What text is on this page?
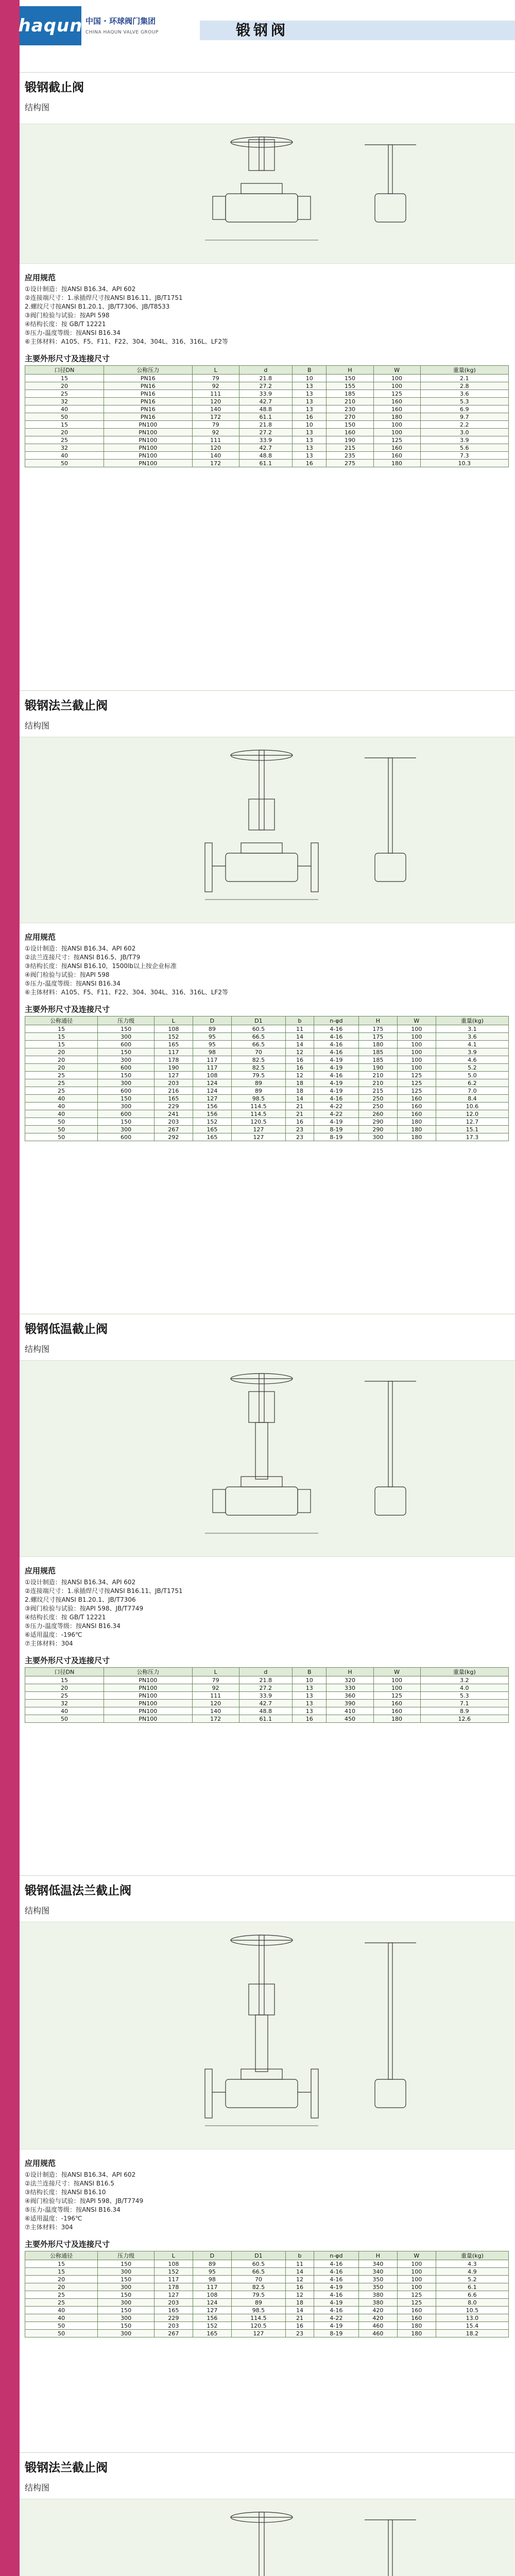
haqun 中国 · 环球阀门集团
CHINA HAQUN VALVE GROUP	锻钢阀
锻钢截止阀
结构图
应用规范
①设计制造：按ANSI B16.34、API 602
②连接端尺寸：1.承插焊尺寸按ANSI B16.11、JB/T1751
2.螺纹尺寸按ANSI B1.20.1、JB/T7306、JB/T8533
③阀门检验与试验：按API 598
④结构长度：按 GB/T 12221
⑤压力-温度等级：按ANSI B16.34
⑥主体材料：A105、F5、F11、F22、304、304L、316、316L、LF2等
主要外形尺寸及连接尺寸
口径DN	公称压力	L	d	B	H	W	重量(kg)
15	PN16	79	21.8	10	150	100	2.1
20	PN16	92	27.2	13	155	100	2.8
25	PN16	111	33.9	13	185	125	3.6
32	PN16	120	42.7	13	210	160	5.3
40	PN16	140	48.8	13	230	160	6.9
50	PN16	172	61.1	16	270	180	9.7
15	PN100	79	21.8	10	150	100	2.2
20	PN100	92	27.2	13	160	100	3.0
25	PN100	111	33.9	13	190	125	3.9
32	PN100	120	42.7	13	215	160	5.6
40	PN100	140	48.8	13	235	160	7.3
50	PN100	172	61.1	16	275	180	10.3
锻钢法兰截止阀
结构图
应用规范
①设计制造：按ANSI B16.34、API 602
②法兰连接尺寸：按ANSI B16.5、JB/T79
③结构长度：按ANSI B16.10，1500lb以上按企业标准
④阀门检验与试验：按API 598
⑤压力-温度等级：按ANSI B16.34
⑥主体材料：A105、F5、F11、F22、304、304L、316、316L、LF2等
主要外形尺寸及连接尺寸
公称通径	压力级	L	D	D1	b	n-φd	H	W	重量(kg)
15	150	108	89	60.5	11	4-16	175	100	3.1
15	300	152	95	66.5	14	4-16	175	100	3.6
15	600	165	95	66.5	14	4-16	180	100	4.1
20	150	117	98	70	12	4-16	185	100	3.9
20	300	178	117	82.5	16	4-19	185	100	4.6
20	600	190	117	82.5	16	4-19	190	100	5.2
25	150	127	108	79.5	12	4-16	210	125	5.0
25	300	203	124	89	18	4-19	210	125	6.2
25	600	216	124	89	18	4-19	215	125	7.0
40	150	165	127	98.5	14	4-16	250	160	8.4
40	300	229	156	114.5	21	4-22	250	160	10.6
40	600	241	156	114.5	21	4-22	260	160	12.0
50	150	203	152	120.5	16	4-19	290	180	12.7
50	300	267	165	127	23	8-19	290	180	15.1
50	600	292	165	127	23	8-19	300	180	17.3
锻钢低温截止阀
结构图
应用规范
①设计制造：按ANSI B16.34、API 602
②连接端尺寸：1.承插焊尺寸按ANSI B16.11、JB/T1751
2.螺纹尺寸按ANSI B1.20.1、JB/T7306
③阀门检验与试验：按API 598、JB/T7749
④结构长度：按 GB/T 12221
⑤压力-温度等级：按ANSI B16.34
⑥适用温度：-196℃
⑦主体材料：304
主要外形尺寸及连接尺寸
口径DN	公称压力	L	d	B	H	W	重量(kg)
15	PN100	79	21.8	10	320	100	3.2
20	PN100	92	27.2	13	330	100	4.0
25	PN100	111	33.9	13	360	125	5.3
32	PN100	120	42.7	13	390	160	7.1
40	PN100	140	48.8	13	410	160	8.9
50	PN100	172	61.1	16	450	180	12.6
锻钢低温法兰截止阀
结构图
应用规范
①设计制造：按ANSI B16.34、API 602
②法兰连接尺寸：按ANSI B16.5
③结构长度：按ANSI B16.10
④阀门检验与试验：按API 598、JB/T7749
⑤压力-温度等级：按ANSI B16.34
⑥适用温度：-196℃
⑦主体材料：304
主要外形尺寸及连接尺寸
公称通径	压力级	L	D	D1	b	n-φd	H	W	重量(kg)
15	150	108	89	60.5	11	4-16	340	100	4.3
15	300	152	95	66.5	14	4-16	340	100	4.9
20	150	117	98	70	12	4-16	350	100	5.2
20	300	178	117	82.5	16	4-19	350	100	6.1
25	150	127	108	79.5	12	4-16	380	125	6.6
25	300	203	124	89	18	4-19	380	125	8.0
40	150	165	127	98.5	14	4-16	420	160	10.5
40	300	229	156	114.5	21	4-22	420	160	13.0
50	150	203	152	120.5	16	4-19	460	180	15.4
50	300	267	165	127	23	8-19	460	180	18.2
锻钢法兰截止阀
结构图
